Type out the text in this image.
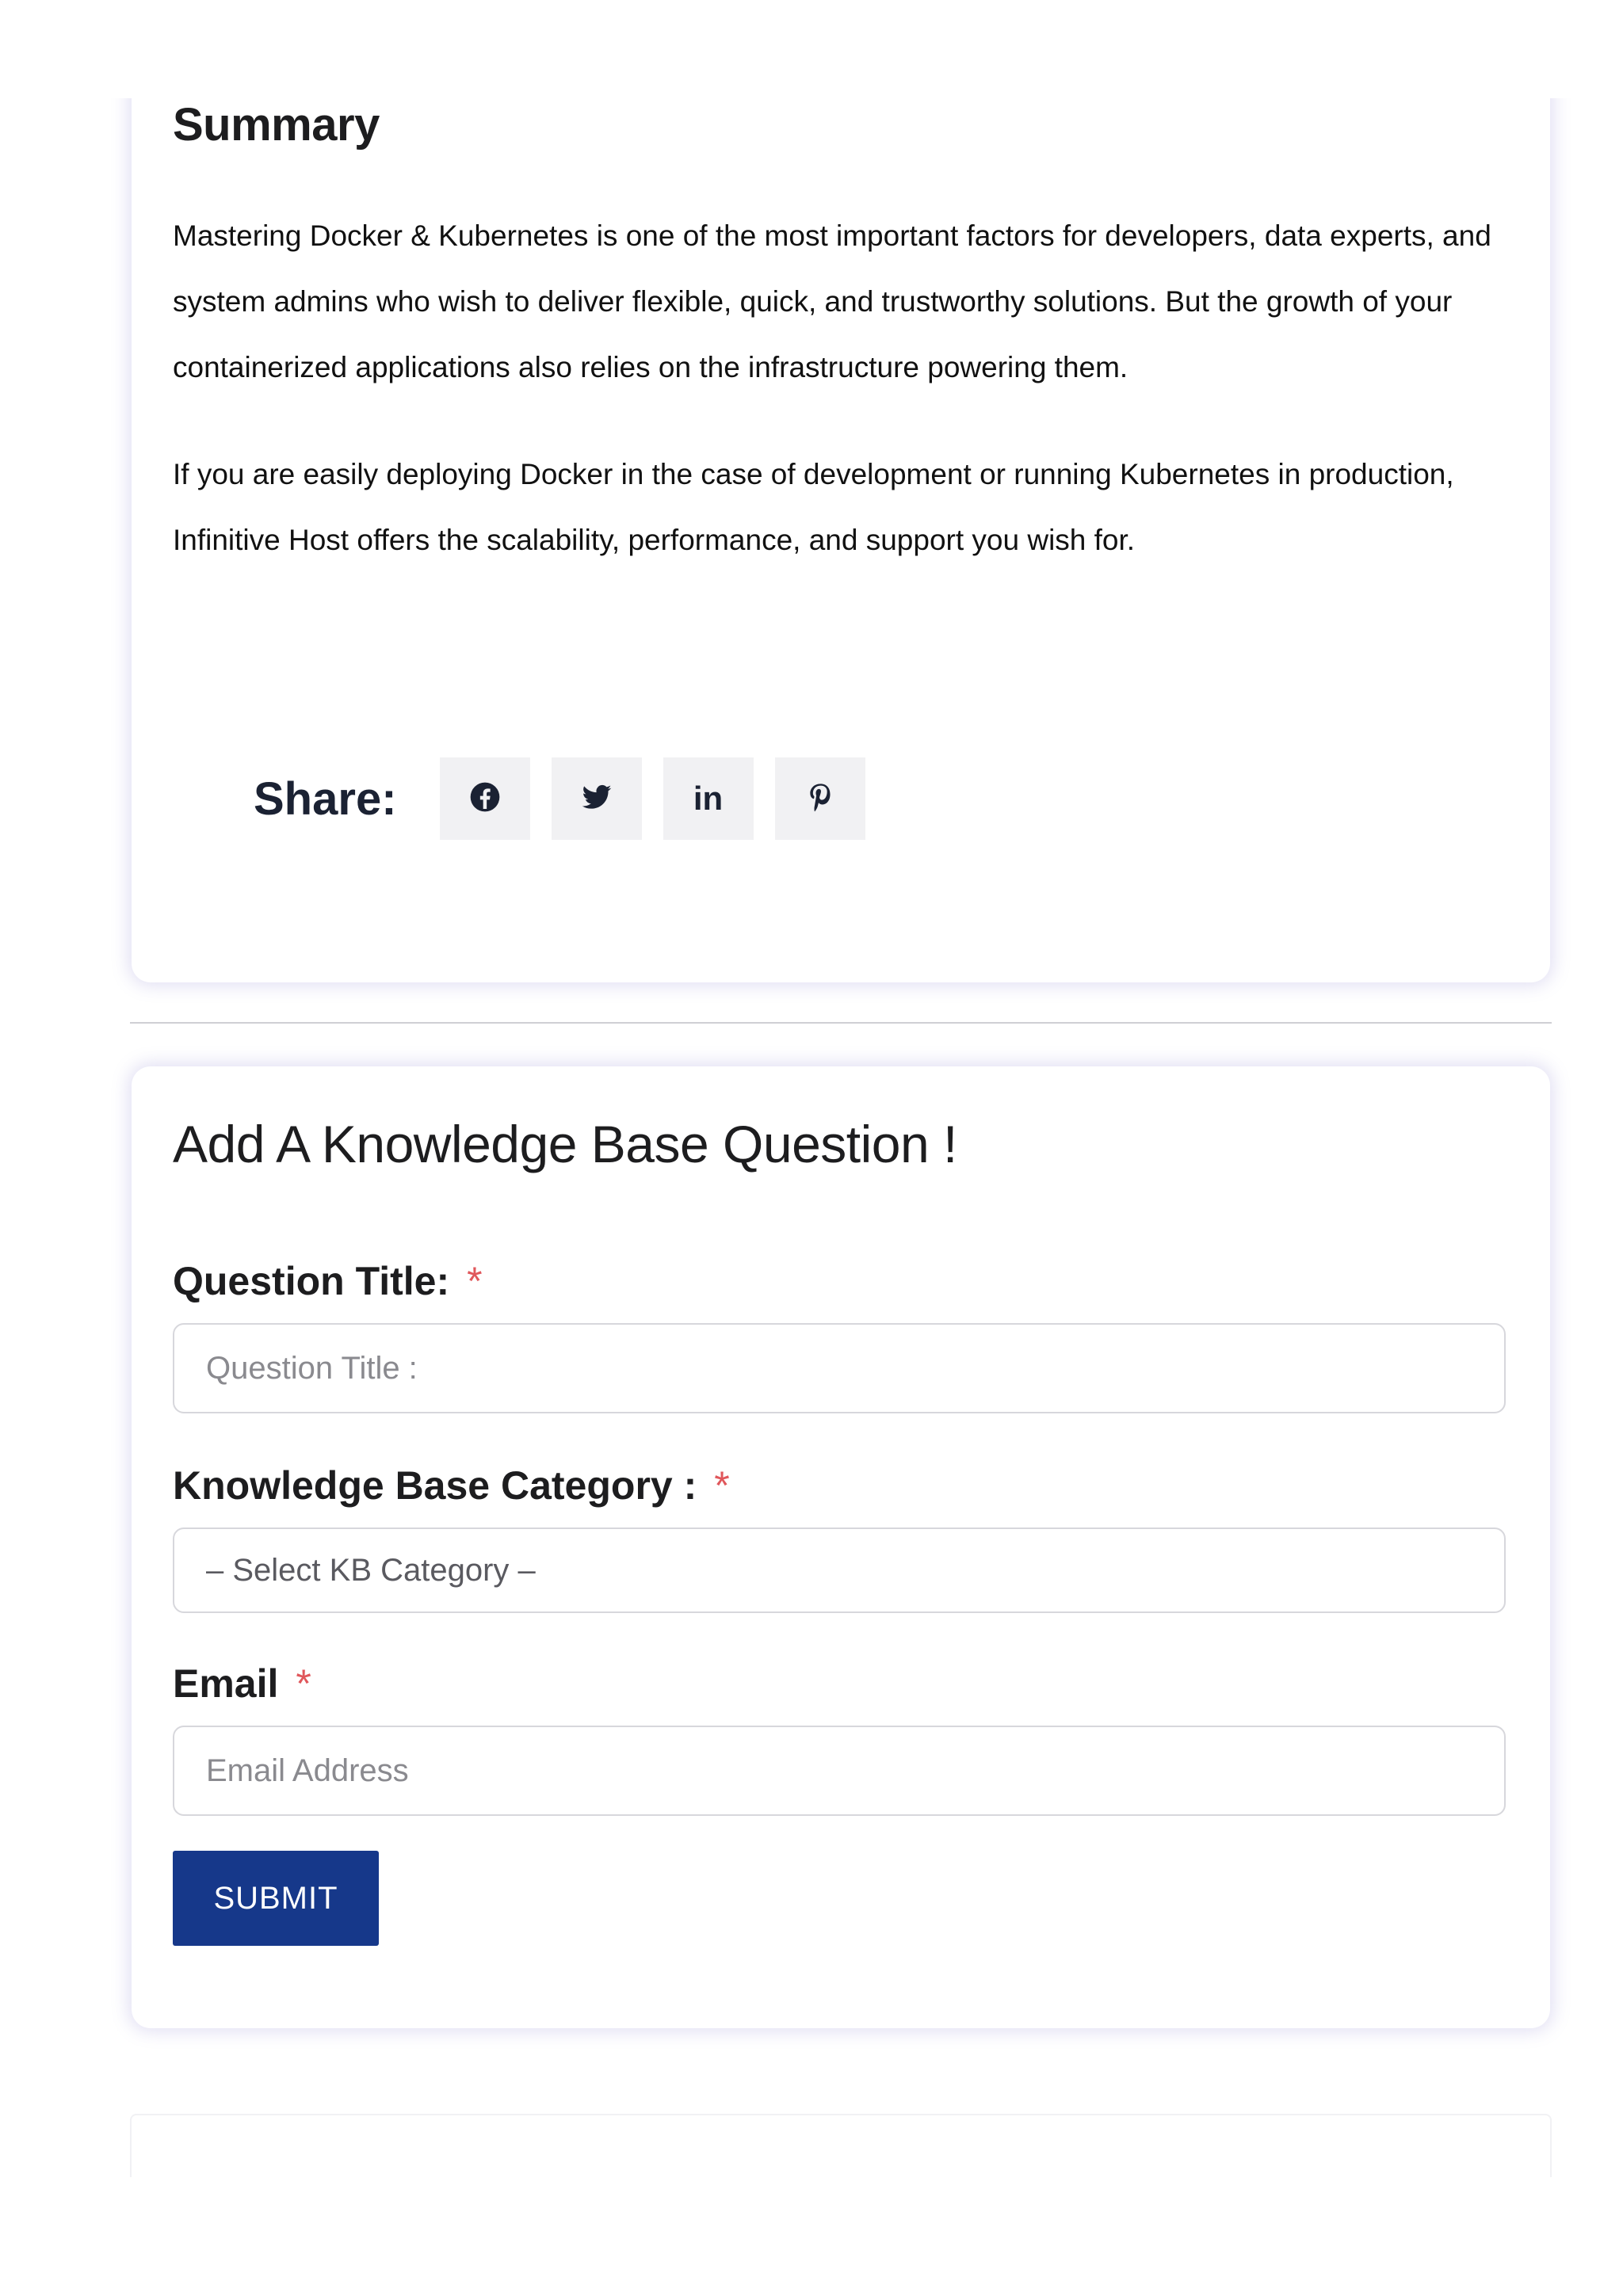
Summary

Mastering Docker & Kubernetes is one of the most important factors for developers, data experts, and system admins who wish to deliver flexible, quick, and trustworthy solutions. But the growth of your containerized applications also relies on the infrastructure powering them.

If you are easily deploying Docker in the case of development or running Kubernetes in production, Infinitive Host offers the scalability, performance, and support you wish for.

Share:	in
Add A Knowledge Base Question !
Question Title: *
Question Title :
Knowledge Base Category : *
– Select KB Category –
Email *
Email Address
SUBMIT
